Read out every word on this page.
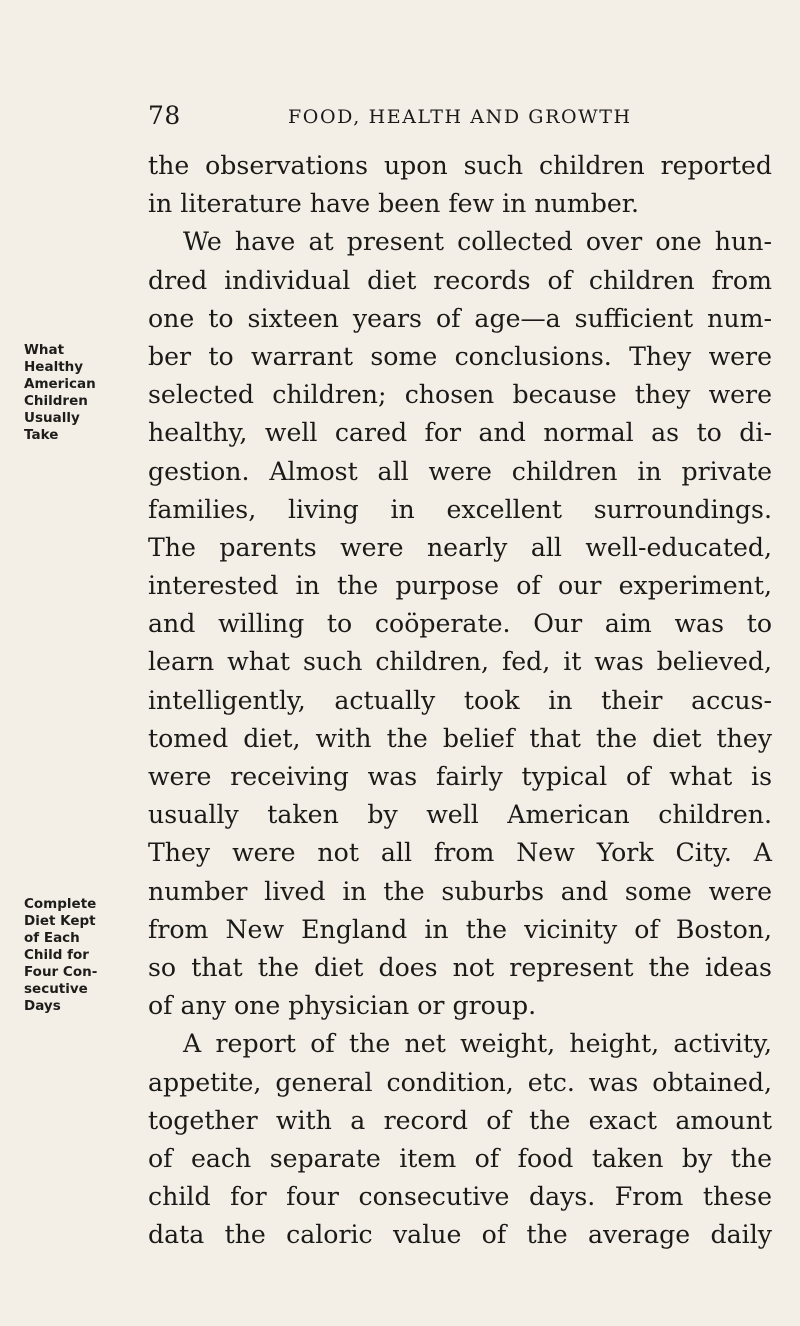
78	FOOD, HEALTH AND GROWTH
What
Healthy
American
Children
Usually
Take
Complete
Diet Kept
of Each
Child for
Four Con-
secutive
Days
the observations upon such children reported
in literature have been few in number.
We have at present collected over one hun-
dred individual diet records of children from
one to sixteen years of age—a sufficient num-
ber to warrant some conclusions. They were
selected children; chosen because they were
healthy, well cared for and normal as to di-
gestion. Almost all were children in private
families, living in excellent surroundings.
The parents were nearly all well-educated,
interested in the purpose of our experiment,
and willing to coöperate. Our aim was to
learn what such children, fed, it was believed,
intelligently, actually took in their accus-
tomed diet, with the belief that the diet they
were receiving was fairly typical of what is
usually taken by well American children.
They were not all from New York City. A
number lived in the suburbs and some were
from New England in the vicinity of Boston,
so that the diet does not represent the ideas
of any one physician or group.
A report of the net weight, height, activity,
appetite, general condition, etc. was obtained,
together with a record of the exact amount
of each separate item of food taken by the
child for four consecutive days. From these
data the caloric value of the average daily
